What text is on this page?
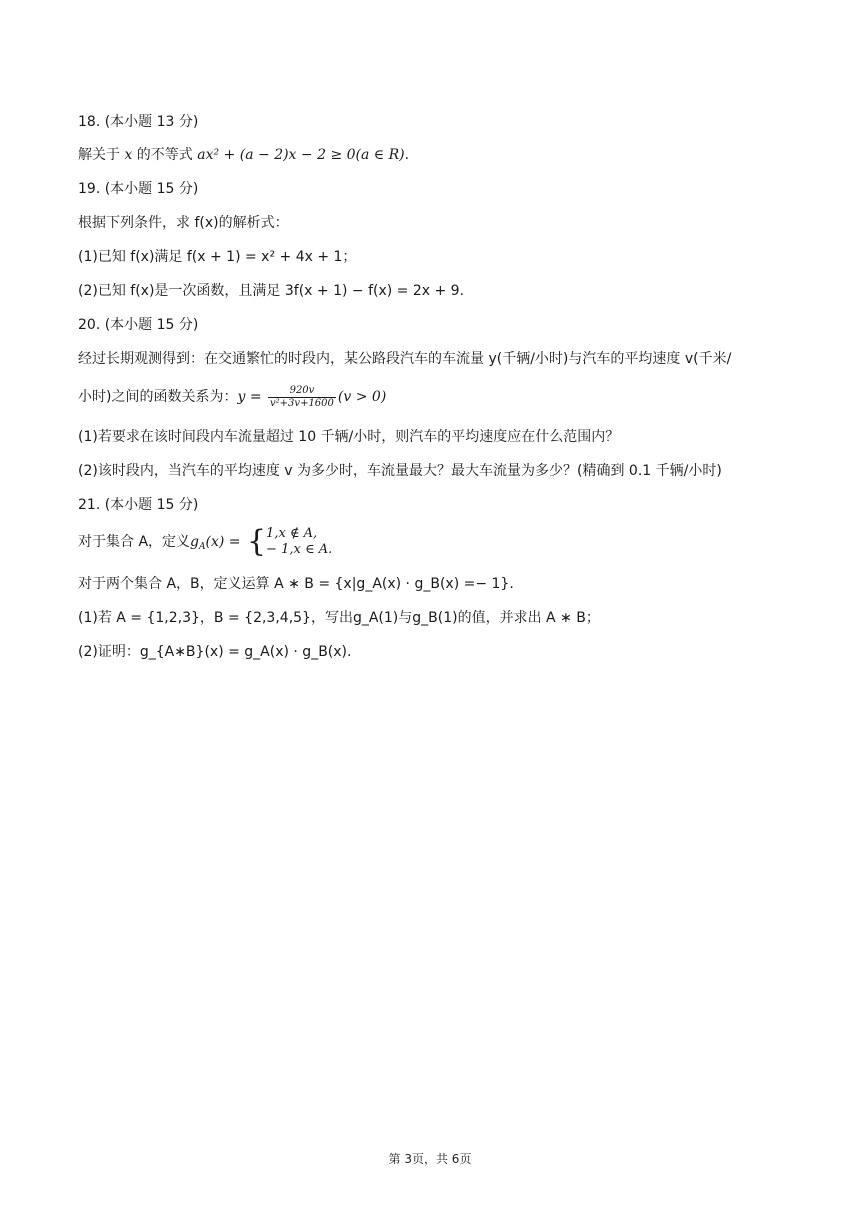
18. (本小题 13 分)
解关于 x 的不等式 ax² + (a − 2)x − 2 ≥ 0(a ∈ R).
19. (本小题 15 分)
根据下列条件，求 f(x)的解析式：
(1)已知 f(x)满足 f(x + 1) = x² + 4x + 1；
(2)已知 f(x)是一次函数，且满足 3f(x + 1) − f(x) = 2x + 9.
20. (本小题 15 分)
经过长期观测得到：在交通繁忙的时段内，某公路段汽车的车流量 y(千辆/小时)与汽车的平均速度 v(千米/
小时)之间的函数关系为：$y = \frac{920v}{\text{v²+3v+1600}} (v > 0)$
(1)若要求在该时间段内车流量超过 10 千辆/小时，则汽车的平均速度应在什么范围内？
(2)该时段内，当汽车的平均速度 v 为多少时，车流量最大？最大车流量为多少？(精确到 0.1 千辆/小时)
21. (本小题 15 分)
对于集合 A，定义$g_A(x)$ = { 1,x ∉ A,
− 1,x ∈ A.
对于两个集合 A，B，定义运算 A ∗ B = {x|g_A(x) · g_B(x) =− 1}.
(1)若 A = {1,2,3}，B = {2,3,4,5}，写出g_A(1)与g_B(1)的值，并求出 A ∗ B；
(2)证明：g_{A∗B}(x) = g_A(x) · g_B(x).
第 3页，共 6页
